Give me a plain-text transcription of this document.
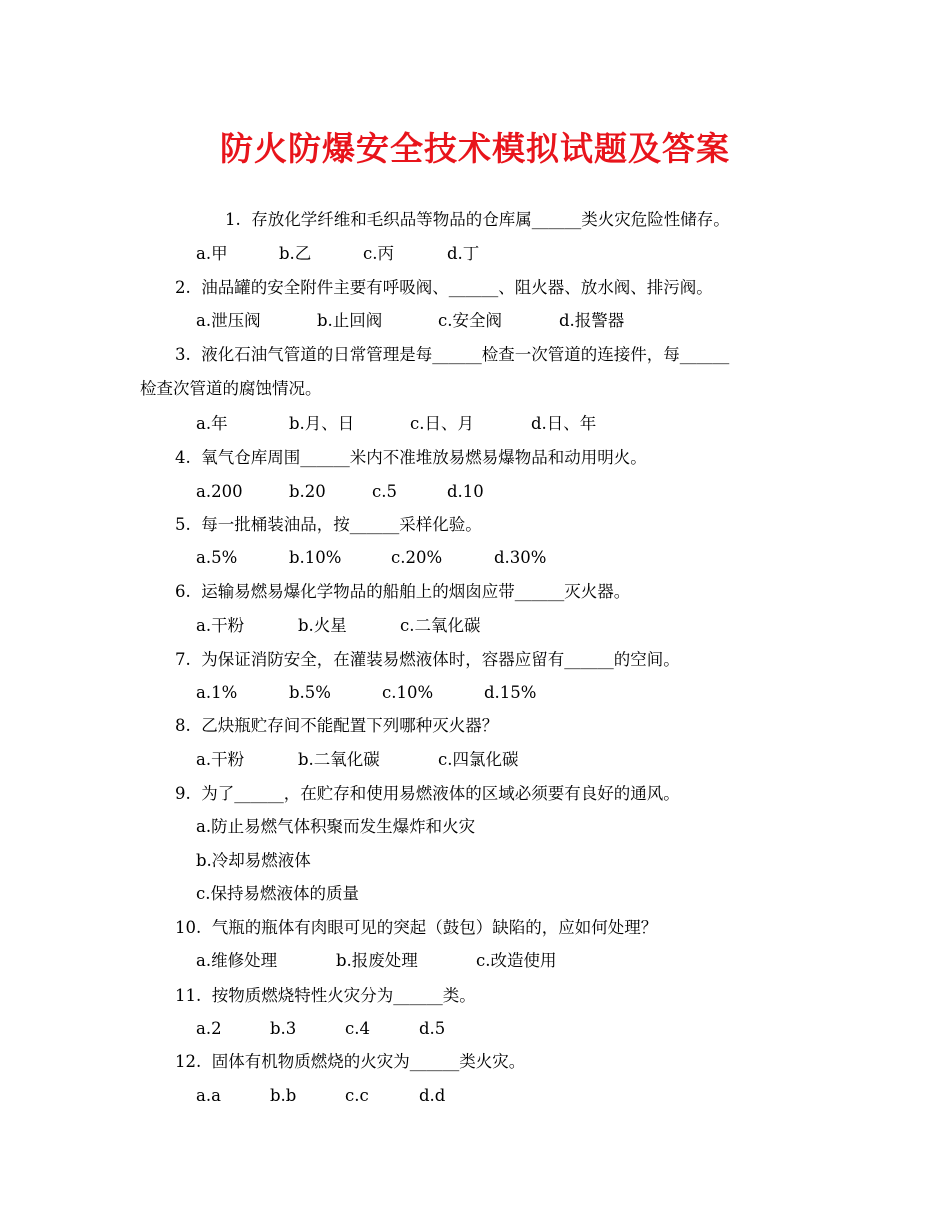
防火防爆安全技术模拟试题及答案
1.  存放化学纤维和毛织品等物品的仓库属______类火灾危险性储存。

a.甲

	b.乙

	c.丙

	d.丁

2.  油品罐的安全附件主要有呼吸阀、______、阻火器、放水阀、排污阀。

a.泄压阀

	b.止回阀

	c.安全阀

	d.报警器

3.  液化石油气管道的日常管理是每______检查一次管道的连接件，每______
检查次管道的腐蚀情况。

a.年

	b.月、日

	c.日、月

	d.日、年

4.  氧气仓库周围______米内不准堆放易燃易爆物品和动用明火。

a.200

	b.20

	c.5

	d.10

5.  每一批桶装油品，按______采样化验。

a.5%

	b.10%

	c.20%

	d.30%

6.  运输易燃易爆化学物品的船舶上的烟囱应带______灭火器。

a.干粉

	b.火星

	c.二氧化碳

7.  为保证消防安全，在灌装易燃液体时，容器应留有______的空间。

a.1%

	b.5%

	c.10%

	d.15%

8.  乙炔瓶贮存间不能配置下列哪种灭火器？

a.干粉

	b.二氧化碳

	c.四氯化碳

9.  为了______，在贮存和使用易燃液体的区域必须要有良好的通风。
a.防止易燃气体积聚而发生爆炸和火灾
b.冷却易燃液体
c.保持易燃液体的质量
10.  气瓶的瓶体有肉眼可见的突起（鼓包）缺陷的，应如何处理？

a.维修处理

	b.报废处理

	c.改造使用

11.  按物质燃烧特性火灾分为______类。

a.2

	b.3

	c.4

	d.5

12.  固体有机物质燃烧的火灾为______类火灾。

a.a

	b.b

	c.c

	d.d
